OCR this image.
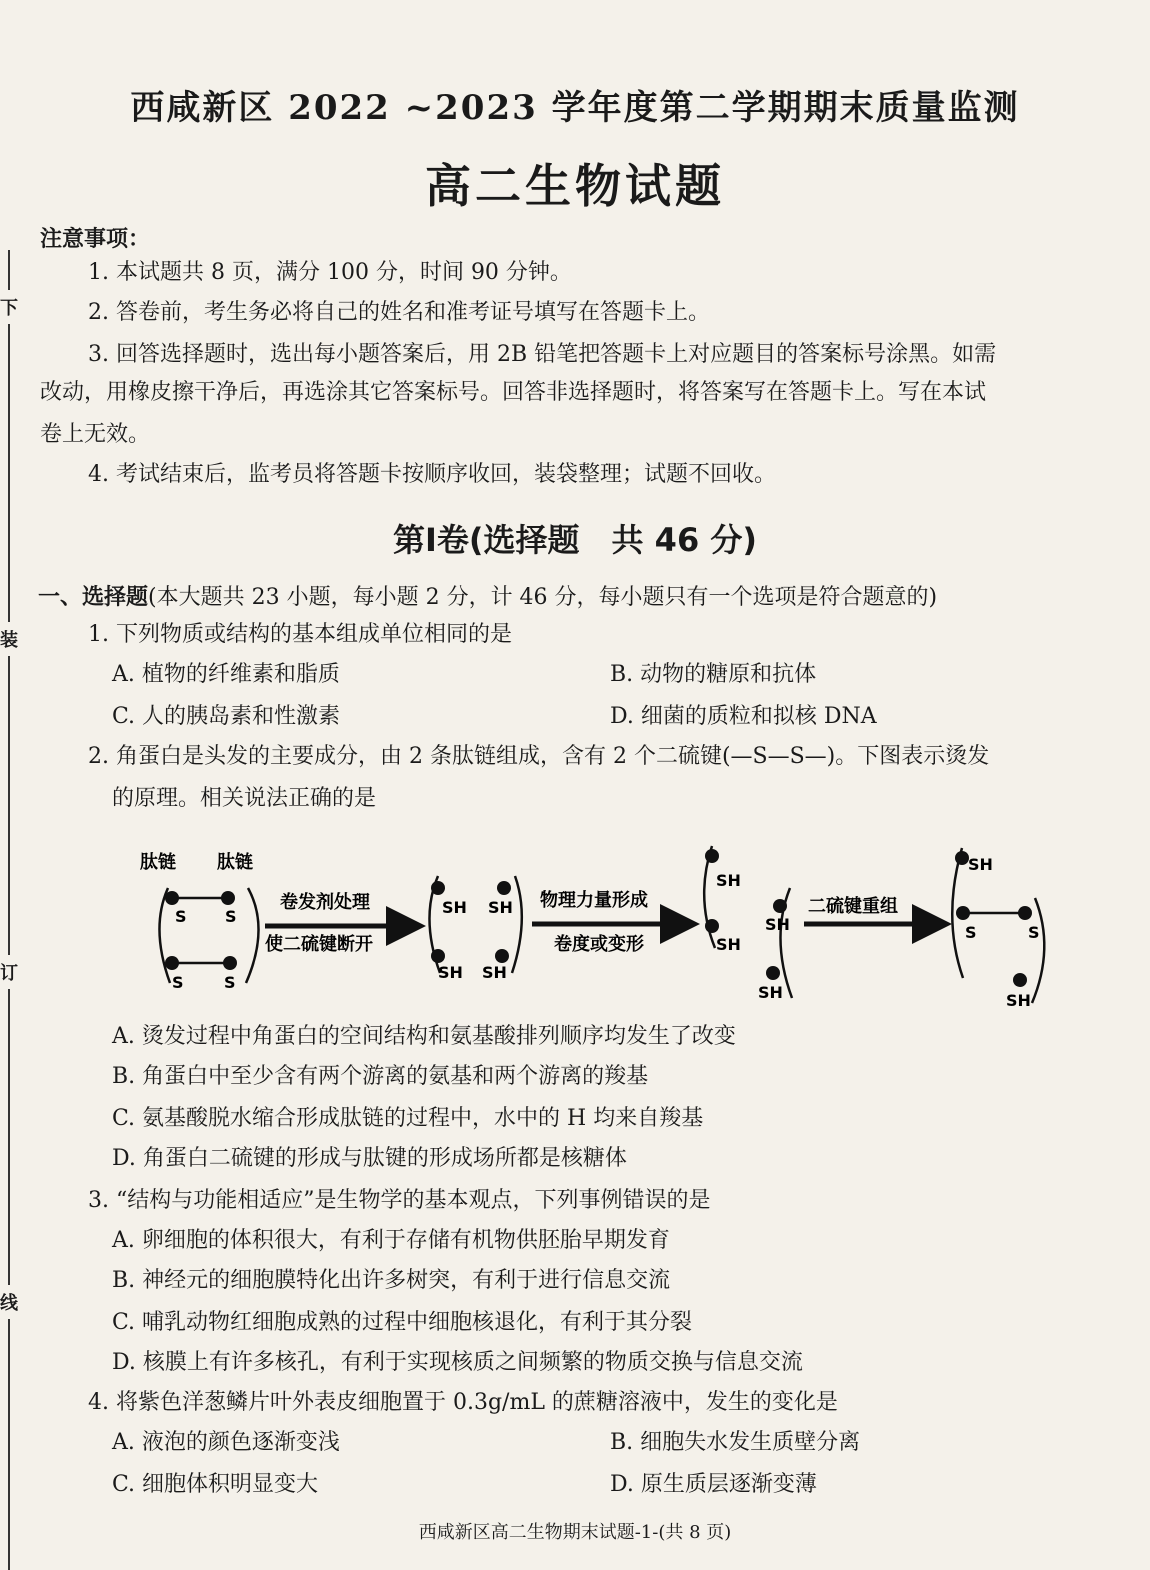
下
装
订
线
西咸新区 2022 ~2023 学年度第二学期期末质量监测
高二生物试题
注意事项：
1. 本试题共 8 页，满分 100 分，时间 90 分钟。
2. 答卷前，考生务必将自己的姓名和准考证号填写在答题卡上。
3. 回答选择题时，选出每小题答案后，用 2B 铅笔把答题卡上对应题目的答案标号涂黑。如需
改动，用橡皮擦干净后，再选涂其它答案标号。回答非选择题时，将答案写在答题卡上。写在本试
卷上无效。
4. 考试结束后，监考员将答题卡按顺序收回，装袋整理；试题不回收。
第Ⅰ卷(选择题　共 46 分)
一、选择题(本大题共 23 小题，每小题 2 分，计 46 分，每小题只有一个选项是符合题意的)
1. 下列物质或结构的基本组成单位相同的是
A. 植物的纤维素和脂质	B. 动物的糖原和抗体
C. 人的胰岛素和性激素	D. 细菌的质粒和拟核 DNA
2. 角蛋白是头发的主要成分，由 2 条肽链组成，含有 2 个二硫键(—S—S—)。下图表示烫发
的原理。相关说法正确的是
肽链 肽链
S S
S	S
卷发剂处理
使二硫键断开
SH SH
SH SH
物理力量形成
卷度或变形
SH
SH
SH
SH
二硫键重组
SH
S	S
SH
A. 烫发过程中角蛋白的空间结构和氨基酸排列顺序均发生了改变
B. 角蛋白中至少含有两个游离的氨基和两个游离的羧基
C. 氨基酸脱水缩合形成肽链的过程中，水中的 H 均来自羧基
D. 角蛋白二硫键的形成与肽键的形成场所都是核糖体
3. “结构与功能相适应”是生物学的基本观点，下列事例错误的是
A. 卵细胞的体积很大，有利于存储有机物供胚胎早期发育
B. 神经元的细胞膜特化出许多树突，有利于进行信息交流
C. 哺乳动物红细胞成熟的过程中细胞核退化，有利于其分裂
D. 核膜上有许多核孔，有利于实现核质之间频繁的物质交换与信息交流
4. 将紫色洋葱鳞片叶外表皮细胞置于 0.3g/mL 的蔗糖溶液中，发生的变化是
A. 液泡的颜色逐渐变浅	B. 细胞失水发生质壁分离
C. 细胞体积明显变大	D. 原生质层逐渐变薄
西咸新区高二生物期末试题-1-(共 8 页)
